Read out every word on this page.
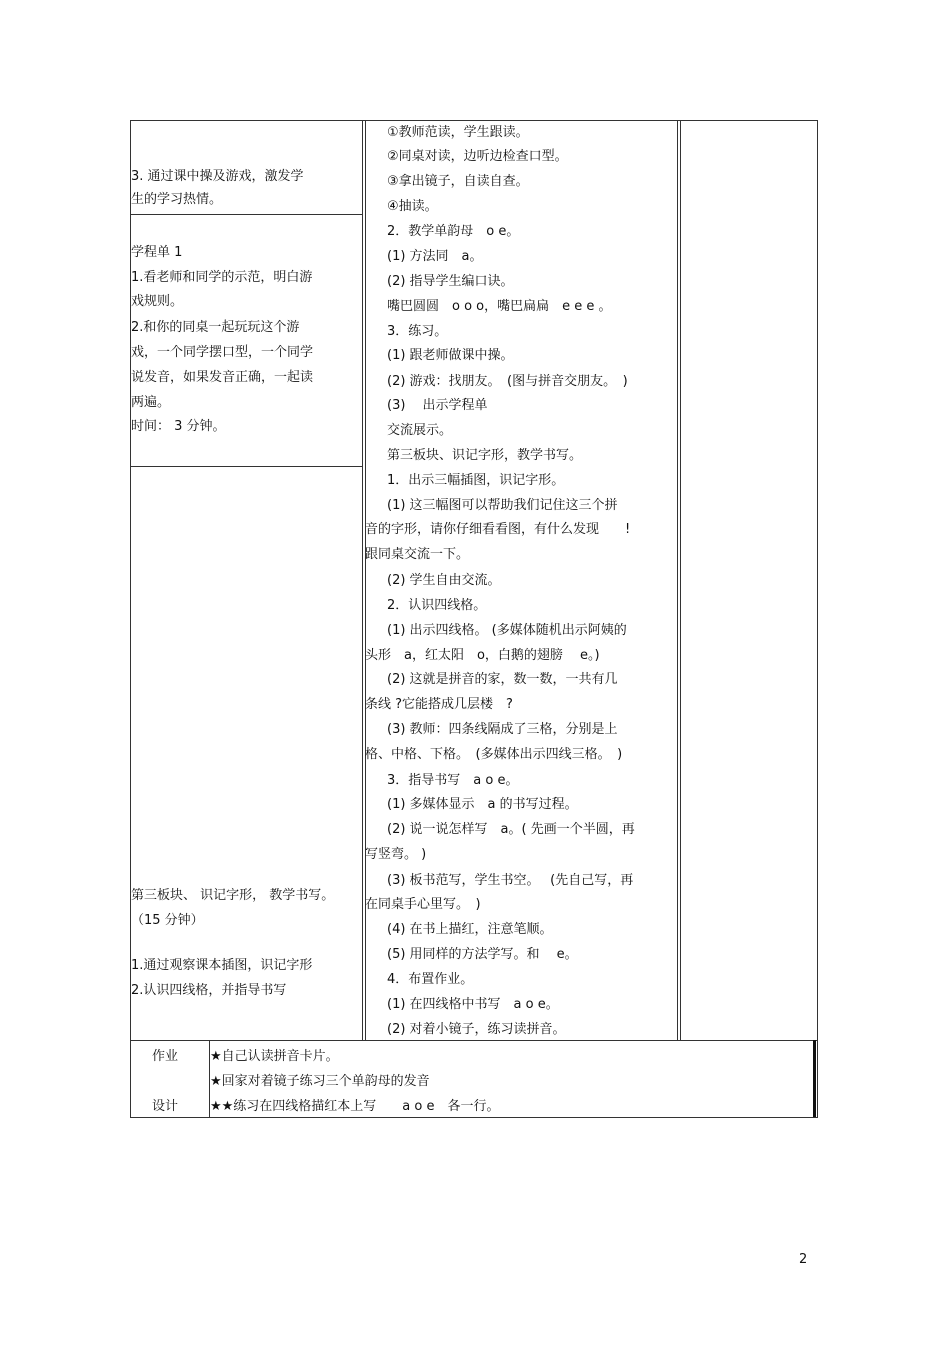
3. 通过课中操及游戏，激发学
生的学习热情。
学程单 1
1.看老师和同学的示范，明白游
戏规则。
2.和你的同桌一起玩玩这个游
戏，一个同学摆口型，一个同学
说发音，如果发音正确，一起读
两遍。
时间： 3 分钟。
第三板块、 识记字形， 教学书写。
（15 分钟）
1.通过观察课本插图，识记字形
2.认识四线格，并指导书写
①教师范读，学生跟读。
②同桌对读，边听边检查口型。
③拿出镜子，自读自查。
④抽读。
2．教学单韵母　o e。
(1) 方法同　a。
(2) 指导学生编口诀。
嘴巴圆圆　o o o，嘴巴扁扁　e e e 。
3．练习。
(1) 跟老师做课中操。
(2) 游戏：找朋友。　(图与拼音交朋友。　)
(3)　 出示学程单
交流展示。
第三板块、识记字形，教学书写。
1．出示三幅插图，识记字形。
(1) 这三幅图可以帮助我们记住这三个拼
音的字形，请你仔细看看图，有什么发现　　!
跟同桌交流一下。
(2) 学生自由交流。
2．认识四线格。
(1) 出示四线格。 (多媒体随机出示阿姨的
头形　a，红太阳　o，白鹅的翅膀　 e。)
(2) 这就是拼音的家，数一数，一共有几
条线 ?它能搭成几层楼　?
(3) 教师：四条线隔成了三格，分别是上
格、中格、下格。　(多媒体出示四线三格。　)
3．指导书写　a o e。
(1) 多媒体显示　a 的书写过程。
(2) 说一说怎样写　a。( 先画一个半圆，再
写竖弯。 )
(3) 板书范写，学生书空。　 (先自己写，再
在同桌手心里写。　)
(4) 在书上描红，注意笔顺。
(5) 用同样的方法学写。和　 e。
4．布置作业。
(1) 在四线格中书写　a o e。
(2) 对着小镜子，练习读拼音。
作业
设计
★自己认读拼音卡片。
★回家对着镜子练习三个单韵母的发音
★★练习在四线格描红本上写　　a o e　各一行。
2
